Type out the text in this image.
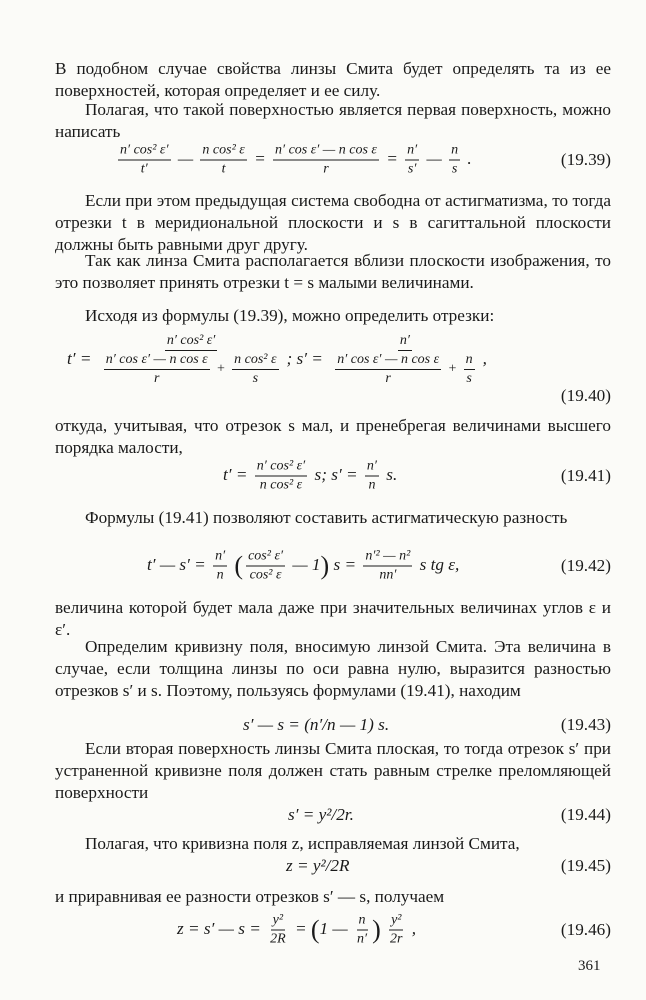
В подобном случае свойства линзы Смита будет определять та из ее поверхностей, которая определяет и ее силу.

Полагая, что такой поверхностью является первая поверхность, можно написать

$\frac{\text{n′ cos² ε′}}{t'}$ — $\frac{\text{n cos² ε}}{t} = \frac{\text{n′ cos ε′ — n cos ε}}{r} = \frac{n'}{s'}$ — $\frac{n}{s}$ .	(19.39)

Если при этом предыдущая система свободна от астигматизма, то тогда отрезки t в меридиональной плоскости и s в сагиттальной плоскости должны быть равными друг другу.

Так как линза Смита располагается вблизи плоскости изображения, то это позволяет принять отрезки t = s малыми величинами.

Исходя из формулы (19.39), можно определить отрезки:

$t' = \frac{\text{n′ cos² ε′}}{\frac{\text{n′ cos ε′ — n cos ε}}{r} + \frac{\text{n cos² ε}}{s}}$ ; $s' = \frac{n'}{\frac{\text{n′ cos ε′ — n cos ε}}{r} + \frac{n}{s}}$ ,
(19.40)

откуда, учитывая, что отрезок s мал, и пренебрегая величинами высшего порядка малости,

$t' = \frac{\text{n′ cos² ε′}}{\text{n cos² ε}} s$; $s' = \frac{n'}{n} s$.	(19.41)

Формулы (19.41) позволяют составить астигматическую разность

t′ — $s' = \frac{n'}{n}$ ( $\frac{\text{cos² ε′}}{\text{cos² ε}}$ — 1) $s = \frac{\text{n′² — n²}}{nn'}$ s tg ε,	(19.42)

величина которой будет мала даже при значительных величинах углов ε и ε′.

Определим кривизну поля, вносимую линзой Смита. Эта величина в случае, если толщина линзы по оси равна нулю, выразится разностью отрезков s′ и s. Поэтому, пользуясь формулами (19.41), находим

s′ — s = (n′/n — 1) s.	(19.43)

Если вторая поверхность линзы Смита плоская, то тогда отрезок s′ при устраненной кривизне поля должен стать равным стрелке преломляющей поверхности

s′ = y²/2r.	(19.44)

Полагая, что кривизна поля z, исправляемая линзой Смита,

z = y²/2R	(19.45)

и приравнивая ее разности отрезков s′ — s, получаем

z = s′ — $s = \frac{\text{y²}}{2R} = (1$ — $\frac{n}{n'}$ ) $\frac{\text{y²}}{2r}$ ,	(19.46)
361
